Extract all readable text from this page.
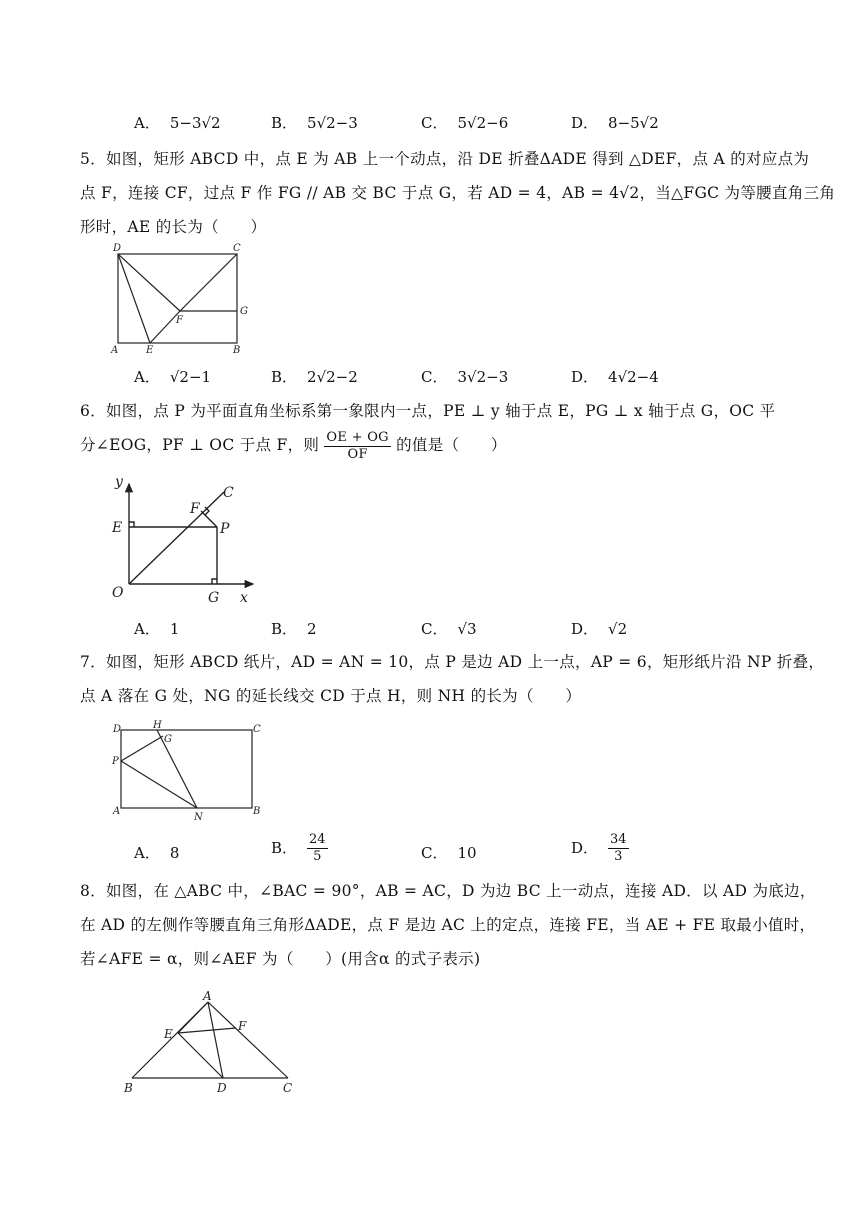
A． 5−3√2	B． 5√2−3	C． 5√2−6	D． 8−5√2

5．如图，矩形 ABCD 中，点 E 为 AB 上一个动点，沿 DE 折叠ΔADE 得到 △DEF，点 A 的对应点为

点 F，连接 CF，过点 F 作 FG // AB 交 BC 于点 G，若 AD = 4，AB = 4√2，当△FGC 为等腰直角三角

形时，AE 的长为（　　）

D	C
G
F
A	E	B
A． √2−1	B． 2√2−2	C． 3√2−3	D． 4√2−4

6．如图，点 P 为平面直角坐标系第一象限内一点，PE ⊥ y 轴于点 E，PG ⊥ x 轴于点 G，OC 平

分∠EOG，PF ⊥ OC 于点 F，则 $\frac{OE + OG}{OF}$ 的值是（　　）

y
x
E
F
C
P
O	G
A． 1	B． 2	C． √3	D． √2

7．如图，矩形 ABCD 纸片，AD = AN = 10，点 P 是边 AD 上一点，AP = 6，矩形纸片沿 NP 折叠，

点 A 落在 G 处，NG 的延长线交 CD 于点 H，则 NH 的长为（　　）

D	H
G
C
P
A
N
B
A． 8	B． $\frac{24}{5}$	C． 10	D． $\frac{34}{3}$

8．如图，在 △ABC 中，∠BAC = 90°，AB = AC，D 为边 BC 上一动点，连接 AD．以 AD 为底边，

在 AD 的左侧作等腰直角三角形ΔADE，点 F 是边 AC 上的定点，连接 FE，当 AE + FE 取最小值时，

若∠AFE = α，则∠AEF 为（　　）(用含α 的式子表示)

A
F
E
B	D	C
